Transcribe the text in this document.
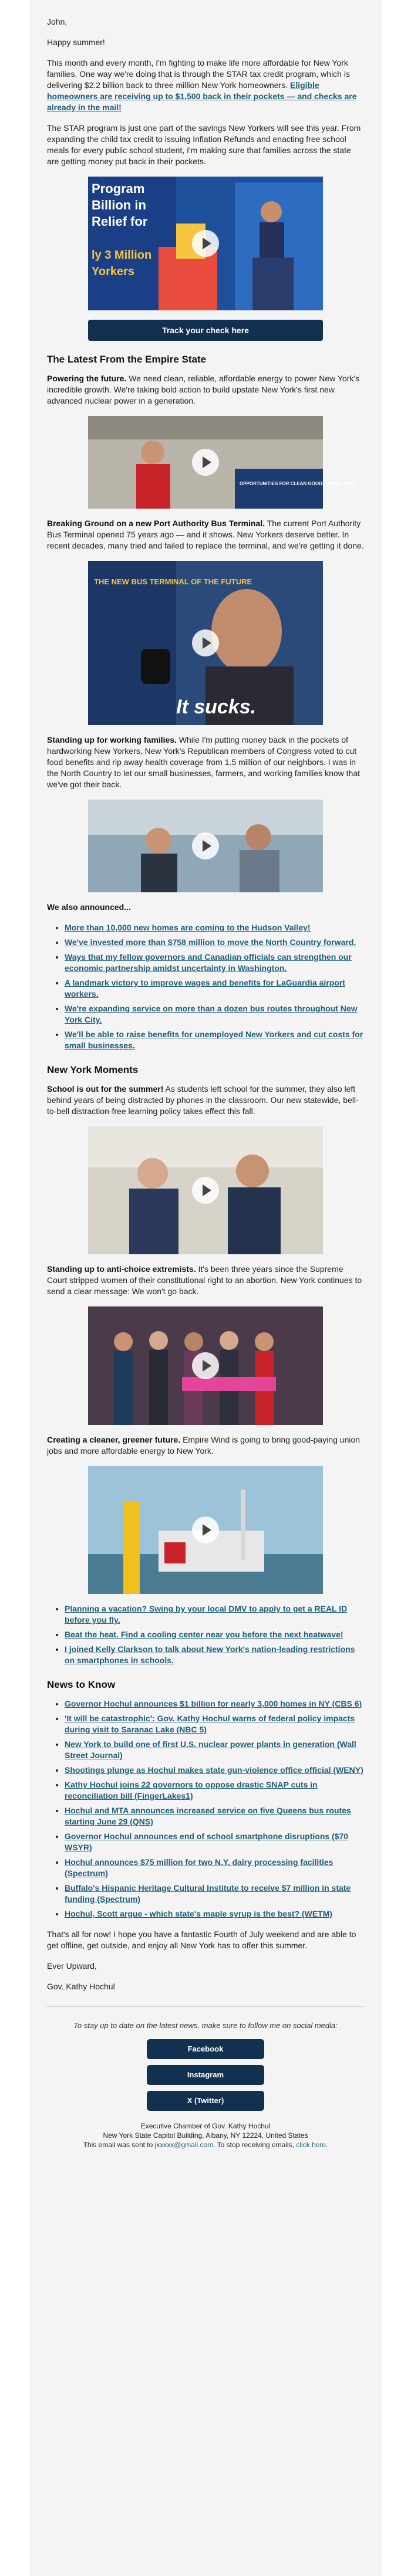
John,

Happy summer!

This month and every month, I'm fighting to make life more affordable for New York families. One way we're doing that is through the STAR tax credit program, which is delivering $2.2 billion back to three million New York homeowners. Eligible homeowners are receiving up to $1,500 back in their pockets — and checks are already in the mail!

The STAR program is just one part of the savings New Yorkers will see this year. From expanding the child tax credit to issuing Inflation Refunds and enacting free school meals for every public school student, I'm making sure that families across the state are getting money put back in their pockets.

Program
Billion in
Relief for
ly 3 Million
Yorkers
Track your check here
The Latest From the Empire State

Powering the future. We need clean, reliable, affordable energy to power New York's incredible growth. We're taking bold action to build upstate New York's first new advanced nuclear power in a generation.

OPPORTUNITIES FOR CLEAN GOOD-PAYING JOBS

Breaking Ground on a new Port Authority Bus Terminal. The current Port Authority Bus Terminal opened 75 years ago — and it shows. New Yorkers deserve better. In recent decades, many tried and failed to replace the terminal, and we're getting it done.

THE NEW BUS TERMINAL OF THE FUTURE
It sucks.

Standing up for working families. While I'm putting money back in the pockets of hardworking New Yorkers, New York's Republican members of Congress voted to cut food benefits and rip away health coverage from 1.5 million of our neighbors. I was in the North Country to let our small businesses, farmers, and working families know that we've got their back.

We also announced...

• More than 10,000 new homes are coming to the Hudson Valley!
• We've invested more than $758 million to move the North Country forward.
• Ways that my fellow governors and Canadian officials can strengthen our economic partnership amidst uncertainty in Washington.
• A landmark victory to improve wages and benefits for LaGuardia airport workers.
• We're expanding service on more than a dozen bus routes throughout New York City.
• We'll be able to raise benefits for unemployed New Yorkers and cut costs for small businesses.
New York Moments

School is out for the summer! As students left school for the summer, they also left behind years of being distracted by phones in the classroom. Our new statewide, bell-to-bell distraction-free learning policy takes effect this fall.

Standing up to anti-choice extremists. It's been three years since the Supreme Court stripped women of their constitutional right to an abortion. New York continues to send a clear message: We won't go back.

Creating a cleaner, greener future. Empire Wind is going to bring good-paying union jobs and more affordable energy to New York.

• Planning a vacation? Swing by your local DMV to apply to get a REAL ID before you fly.
• Beat the heat. Find a cooling center near you before the next heatwave!
• I joined Kelly Clarkson to talk about New York's nation-leading restrictions on smartphones in schools.
News to Know
• Governor Hochul announces $1 billion for nearly 3,000 homes in NY (CBS 6)
• 'It will be catastrophic': Gov. Kathy Hochul warns of federal policy impacts during visit to Saranac Lake (NBC 5)
• New York to build one of first U.S. nuclear power plants in generation (Wall Street Journal)
• Shootings plunge as Hochul makes state gun-violence office official (WENY)
• Kathy Hochul joins 22 governors to oppose drastic SNAP cuts in reconciliation bill (FingerLakes1)
• Hochul and MTA announces increased service on five Queens bus routes starting June 29 (QNS)
• Governor Hochul announces end of school smartphone disruptions ($70 WSYR)
• Hochul announces $75 million for two N.Y. dairy processing facilities (Spectrum)
• Buffalo's Hispanic Heritage Cultural Institute to receive $7 million in state funding (Spectrum)
• Hochul, Scott argue - which state's maple syrup is the best? (WETM)

That's all for now! I hope you have a fantastic Fourth of July weekend and are able to get offline, get outside, and enjoy all New York has to offer this summer.

Ever Upward,

Gov. Kathy Hochul

To stay up to date on the latest news, make sure to follow me on social media:

Facebook
Instagram
X (Twitter)
Executive Chamber of Gov. Kathy Hochul
New York State Capitol Building, Albany, NY 12224, United States
This email was sent to jxxxxx@gmail.com. To stop receiving emails, click here.
